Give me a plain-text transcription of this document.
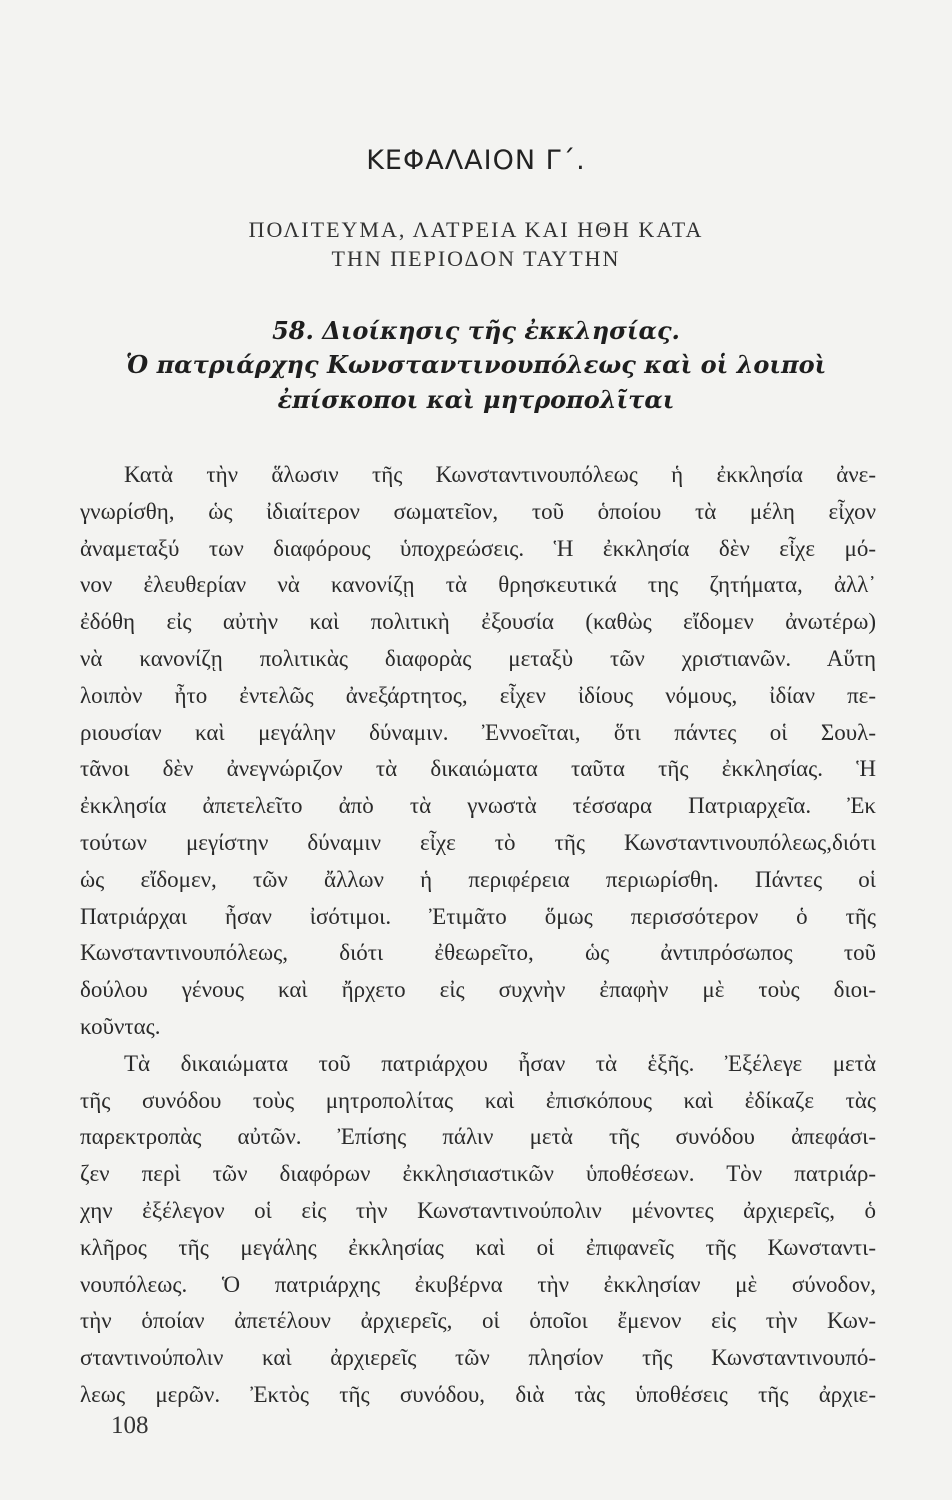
ΚΕΦΑΛΑΙΟΝ Γ΄.
ΠΟΛΙΤΕΥΜΑ, ΛΑΤΡΕΙΑ ΚΑΙ ΗΘΗ ΚΑΤΑ
ΤΗΝ ΠΕΡΙΟΔΟΝ ΤΑΥΤΗΝ
58. Διοίκησις τῆς ἐκκλησίας.
Ὁ πατριάρχης Κωνσταντινουπόλεως καὶ οἱ λοιποὶ
ἐπίσκοποι καὶ μητροπολῖται
Κατὰ τὴν ἅλωσιν τῆς Κωνσταντινουπόλεως ἡ ἐκκλησία ἀνε-
γνωρίσθη, ὡς ἰδιαίτερον σωματεῖον, τοῦ ὁποίου τὰ μέλη εἶχον
ἀναμεταξύ των διαφόρους ὑποχρεώσεις. Ἡ ἐκκλησία δὲν εἶχε μό-
νον ἐλευθερίαν νὰ κανονίζῃ τὰ θρησκευτικά της ζητήματα, ἀλλ᾽
ἐδόθη εἰς αὐτὴν καὶ πολιτικὴ ἐξουσία (καθὼς εἴδομεν ἀνωτέρω)
νὰ κανονίζῃ πολιτικὰς διαφορὰς μεταξὺ τῶν χριστιανῶν. Αὕτη
λοιπὸν ἦτο ἐντελῶς ἀνεξάρτητος, εἶχεν ἰδίους νόμους, ἰδίαν πε-
ριουσίαν καὶ μεγάλην δύναμιν. Ἐννοεῖται, ὅτι πάντες οἱ Σουλ-
τᾶνοι δὲν ἀνεγνώριζον τὰ δικαιώματα ταῦτα τῆς ἐκκλησίας. Ἡ
ἐκκλησία ἀπετελεῖτο ἀπὸ τὰ γνωστὰ τέσσαρα Πατριαρχεῖα. Ἐκ
τούτων μεγίστην δύναμιν εἶχε τὸ τῆς Κωνσταντινουπόλεως,διότι
ὡς εἴδομεν, τῶν ἄλλων ἡ περιφέρεια περιωρίσθη. Πάντες οἱ
Πατριάρχαι ἦσαν ἰσότιμοι. Ἐτιμᾶτο ὅμως περισσότερον ὁ τῆς
Κωνσταντινουπόλεως, διότι ἐθεωρεῖτο, ὡς ἀντιπρόσωπος τοῦ
δούλου γένους καὶ ἤρχετο εἰς συχνὴν ἐπαφὴν μὲ τοὺς διοι-
κοῦντας.
Τὰ δικαιώματα τοῦ πατριάρχου ἦσαν τὰ ἑξῆς. Ἐξέλεγε μετὰ
τῆς συνόδου τοὺς μητροπολίτας καὶ ἐπισκόπους καὶ ἐδίκαζε τὰς
παρεκτροπὰς αὐτῶν. Ἐπίσης πάλιν μετὰ τῆς συνόδου ἀπεφάσι-
ζεν περὶ τῶν διαφόρων ἐκκλησιαστικῶν ὑποθέσεων. Τὸν πατριάρ-
χην ἐξέλεγον οἱ εἰς τὴν Κωνσταντινούπολιν μένοντες ἀρχιερεῖς, ὁ
κλῆρος τῆς μεγάλης ἐκκλησίας καὶ οἱ ἐπιφανεῖς τῆς Κωνσταντι-
νουπόλεως. Ὁ πατριάρχης ἐκυβέρνα τὴν ἐκκλησίαν μὲ σύνοδον,
τὴν ὁποίαν ἀπετέλουν ἀρχιερεῖς, οἱ ὁποῖοι ἔμενον εἰς τὴν Κων-
σταντινούπολιν καὶ ἀρχιερεῖς τῶν πλησίον τῆς Κωνσταντινουπό-
λεως μερῶν. Ἐκτὸς τῆς συνόδου, διὰ τὰς ὑποθέσεις τῆς ἀρχιε-
108
